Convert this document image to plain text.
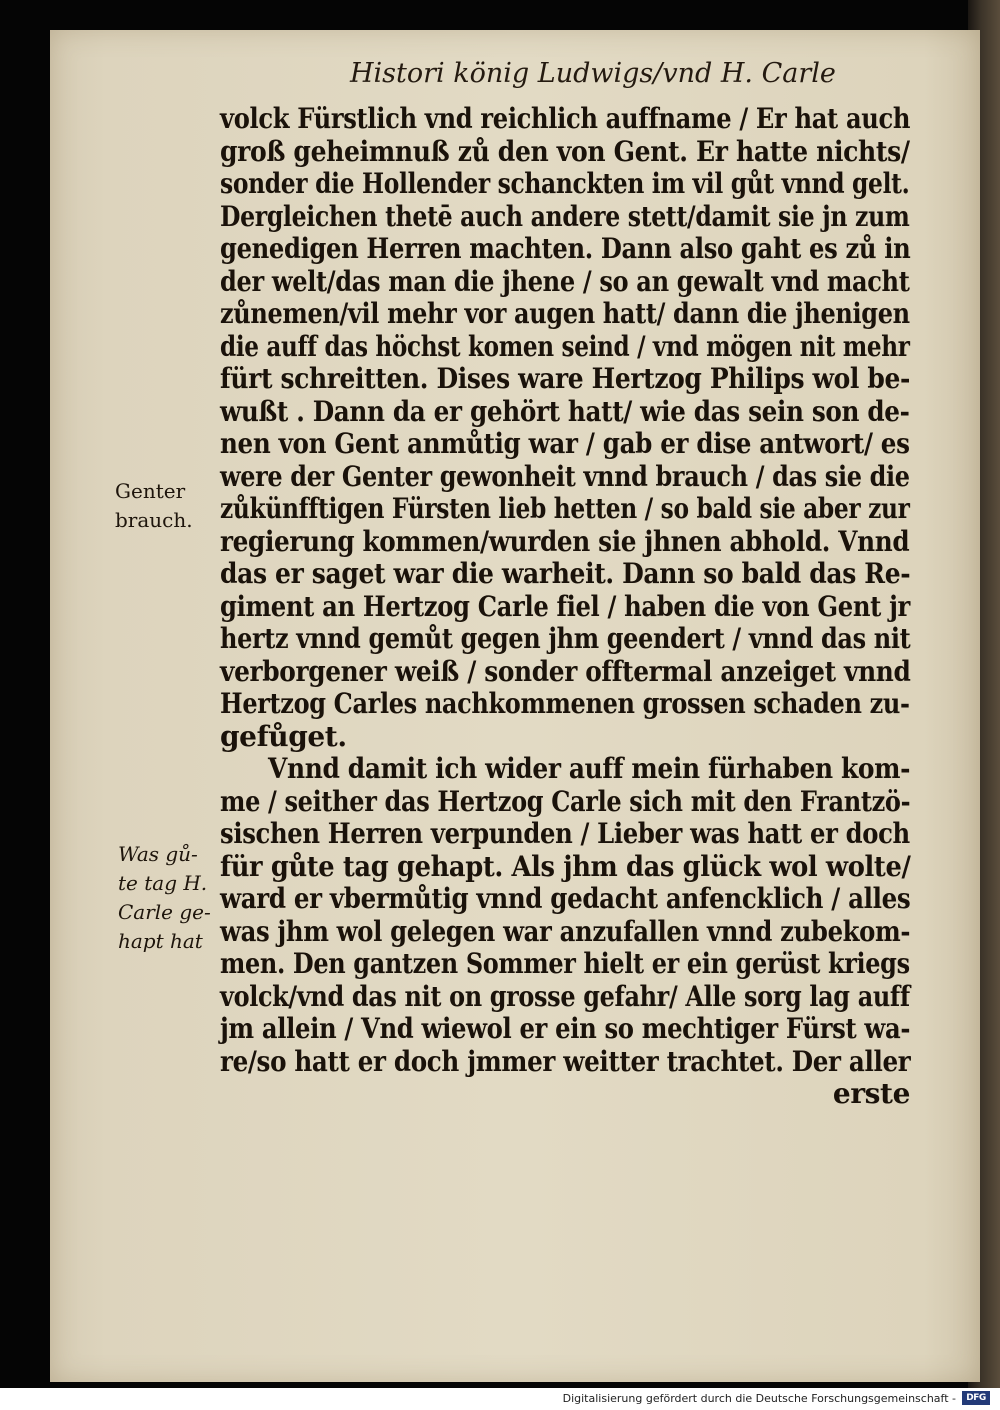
Histori könig Ludwigs/vnd H. Carle
volck Fürstlich vnd reichlich auffname / Er hat auch
groß geheimnuß zů den von Gent. Er hatte nichts/
sonder die Hollender schanckten im vil gůt vnnd gelt.
Dergleichen thetē auch andere stett/damit sie jn zum
genedigen Herren machten. Dann also gaht es zů in
der welt/das man die jhene / so an gewalt vnd macht
zůnemen/vil mehr vor augen hatt/ dann die jhenigen
die auff das höchst komen seind / vnd mögen nit mehr
fürt schreitten. Dises ware Hertzog Philips wol be-
wußt . Dann da er gehört hatt/ wie das sein son de-
nen von Gent anmůtig war / gab er dise antwort/ es
were der Genter gewonheit vnnd brauch / das sie die
zůkünfftigen Fürsten lieb hetten / so bald sie aber zur
regierung kommen/wurden sie jhnen abhold. Vnnd
das er saget war die warheit. Dann so bald das Re-
giment an Hertzog Carle fiel / haben die von Gent jr
hertz vnnd gemůt gegen jhm geendert / vnnd das nit
verborgener weiß / sonder offtermal anzeiget vnnd
Hertzog Carles nachkommenen grossen schaden zu-
gefůget.
Vnnd damit ich wider auff mein fürhaben kom-
me / seither das Hertzog Carle sich mit den Frantzö-
sischen Herren verpunden / Lieber was hatt er doch
für gůte tag gehapt. Als jhm das glück wol wolte/
ward er vbermůtig vnnd gedacht anfencklich / alles
was jhm wol gelegen war anzufallen vnnd zubekom-
men. Den gantzen Sommer hielt er ein gerüst kriegs
volck/vnd das nit on grosse gefahr/ Alle sorg lag auff
jm allein / Vnd wiewol er ein so mechtiger Fürst wa-
re/so hatt er doch jmmer weitter trachtet. Der aller
erste
Genter
brauch.
Was gů-
te tag H.
Carle ge-
hapt hat
Digitalisierung gefördert durch die Deutsche Forschungsgemeinschaft -	DFG
